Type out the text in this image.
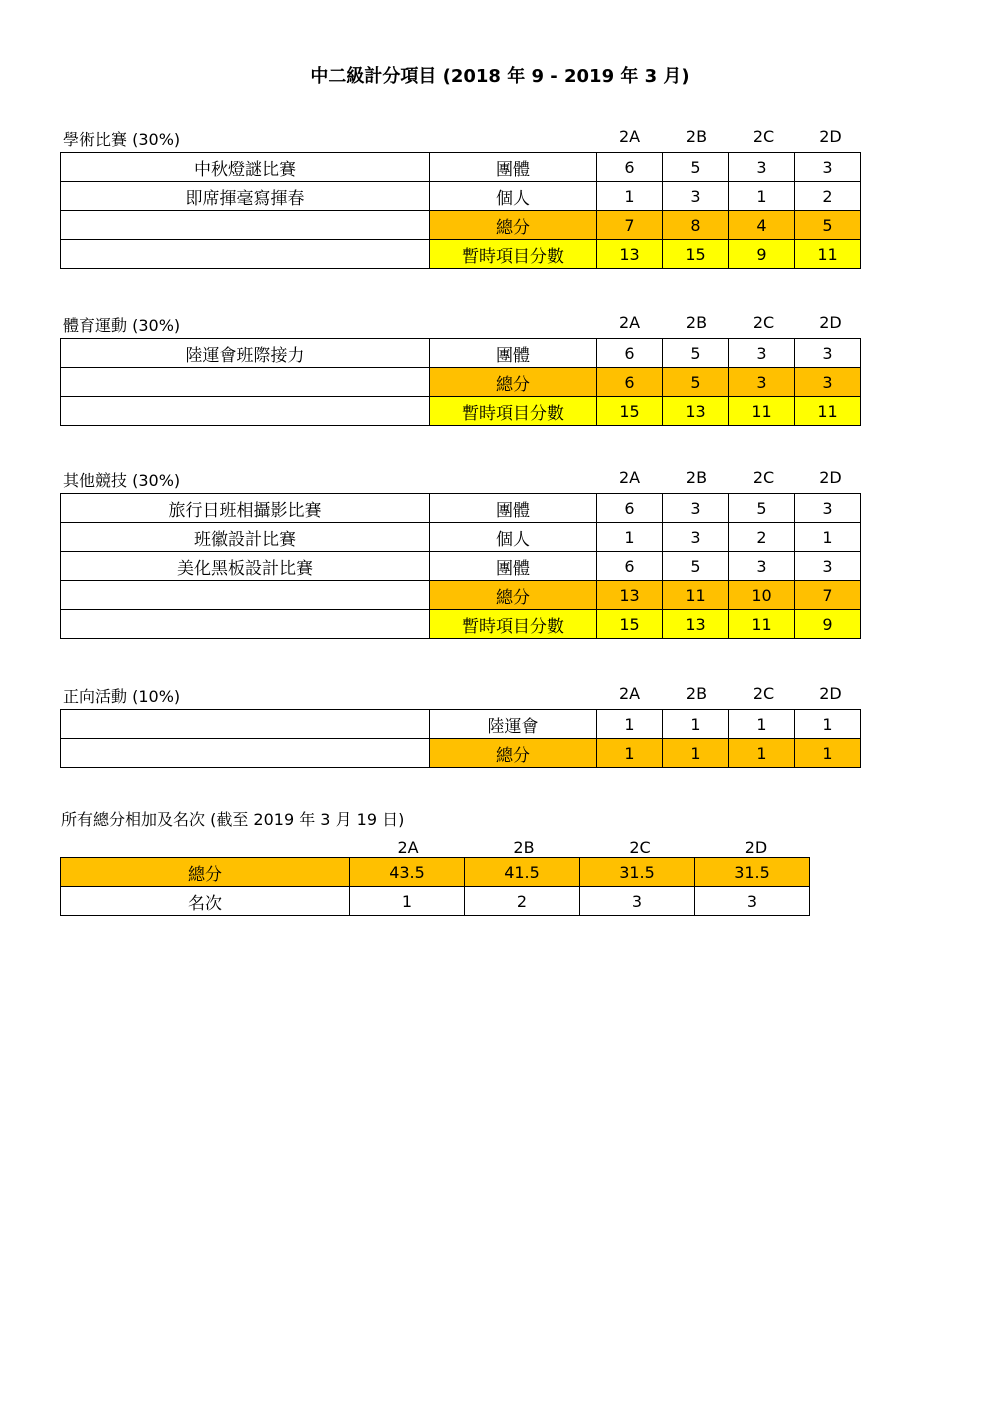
中二級計分項目 (2018 年 9 - 2019 年 3 月)
學術比賽 (30%)	2A	2B	2C	2D
中秋燈謎比賽	團體	6	5	3	3
即席揮毫寫揮春	個人	1	3	1	2
	總分	7	8	4	5
	暫時項目分數	13	15	9	11
體育運動 (30%)	2A	2B	2C	2D
陸運會班際接力	團體	6	5	3	3
	總分	6	5	3	3
	暫時項目分數	15	13	11	11
其他競技 (30%)	2A	2B	2C	2D
旅行日班相攝影比賽	團體	6	3	5	3
班徽設計比賽	個人	1	3	2	1
美化黑板設計比賽	團體	6	5	3	3
	總分	13	11	10	7
	暫時項目分數	15	13	11	9
正向活動 (10%)	2A	2B	2C	2D
	陸運會	1	1	1	1
	總分	1	1	1	1
所有總分相加及名次 (截至 2019 年 3 月 19 日)
2A	2B	2C	2D
總分	43.5	41.5	31.5	31.5
名次	1	2	3	3
